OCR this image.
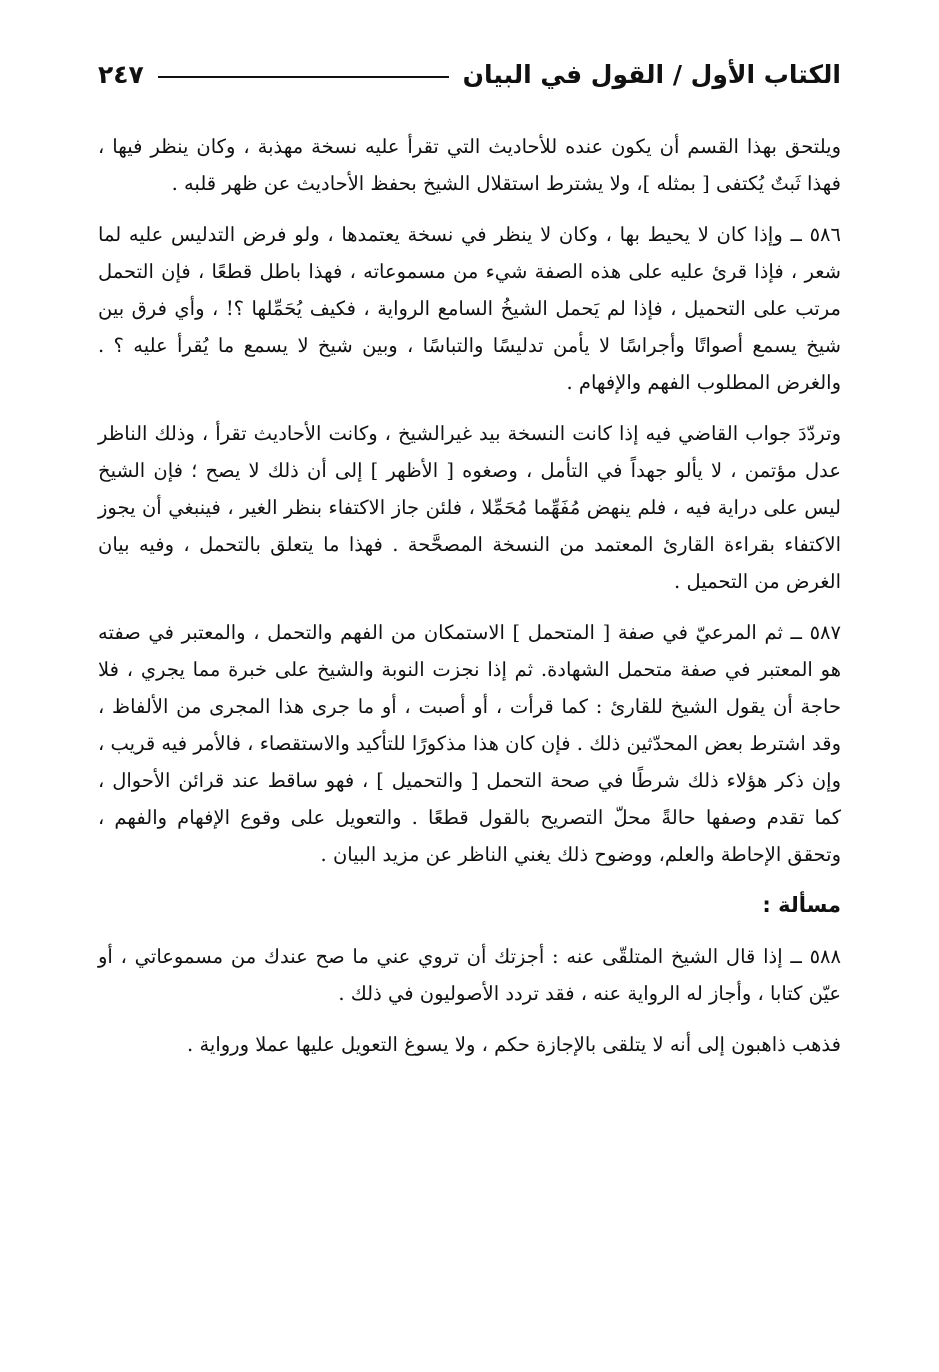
الكتاب الأول / القول في البيان
٢٤٧

ويلتحق بهذا القسم أن يكون عنده للأحاديث التي تقرأ عليه نسخة مهذبة ، وكان ينظر فيها ، فهذا ثَبتٌ يُكتفى [ بمثله ]، ولا يشترط استقلال الشيخ بحفظ الأحاديث عن ظهر قلبه .

٥٨٦ ــ وإذا كان لا يحيط بها ، وكان لا ينظر في نسخة يعتمدها ، ولو فرض التدليس عليه لما شعر ، فإذا قرئ عليه على هذه الصفة شيء من مسموعاته ، فهذا باطل قطعًا ، فإن التحمل مرتب على التحميل ، فإذا لم يَحمل الشيخُ السامع الرواية ، فكيف يُحَمِّلها ؟! ، وأي فرق بين شيخ يسمع أصواتًا وأجراسًا لا يأمن تدليسًا والتباسًا ، وبين شيخ لا يسمع ما يُقرأ عليه ؟ . والغرض المطلوب الفهم والإفهام .

وتردّدَ جواب القاضي فيه إذا كانت النسخة بيد غيرالشيخ ، وكانت الأحاديث تقرأ ، وذلك الناظر عدل مؤتمن ، لا يألو جهداً في التأمل ، وصغوه [ الأظهر ] إلى أن ذلك لا يصح ؛ فإن الشيخ ليس على دراية فيه ، فلم ينهض مُفَهِّما مُحَمِّلا ، فلئن جاز الاكتفاء بنظر الغير ، فينبغي أن يجوز الاكتفاء بقراءة القارئ المعتمد من النسخة المصحَّحة . فهذا ما يتعلق بالتحمل ، وفيه بيان الغرض من التحميل .

٥٨٧ ــ ثم المرعيّ في صفة [ المتحمل ] الاستمكان من الفهم والتحمل ، والمعتبر في صفته هو المعتبر في صفة متحمل الشهادة. ثم إذا نجزت النوبة والشيخ على خبرة مما يجري ، فلا حاجة أن يقول الشيخ للقارئ : كما قرأت ، أو أصبت ، أو ما جرى هذا المجرى من الألفاظ ، وقد اشترط بعض المحدّثين ذلك . فإن كان هذا مذكورًا للتأكيد والاستقصاء ، فالأمر فيه قريب ، وإن ذكر هؤلاء ذلك شرطًا في صحة التحمل [ والتحميل ] ، فهو ساقط عند قرائن الأحوال ، كما تقدم وصفها حالةً محلّ التصريح بالقول قطعًا . والتعويل على وقوع الإفهام والفهم ، وتحقق الإحاطة والعلم، ووضوح ذلك يغني الناظر عن مزيد البيان .

مسألة :

٥٨٨ ــ إذا قال الشيخ المتلقّى عنه : أجزتك أن تروي عني ما صح عندك من مسموعاتي ، أو عيّن كتابا ، وأجاز له الرواية عنه ، فقد تردد الأصوليون في ذلك .

فذهب ذاهبون إلى أنه لا يتلقى بالإجازة حكم ، ولا يسوغ التعويل عليها عملا ورواية .
